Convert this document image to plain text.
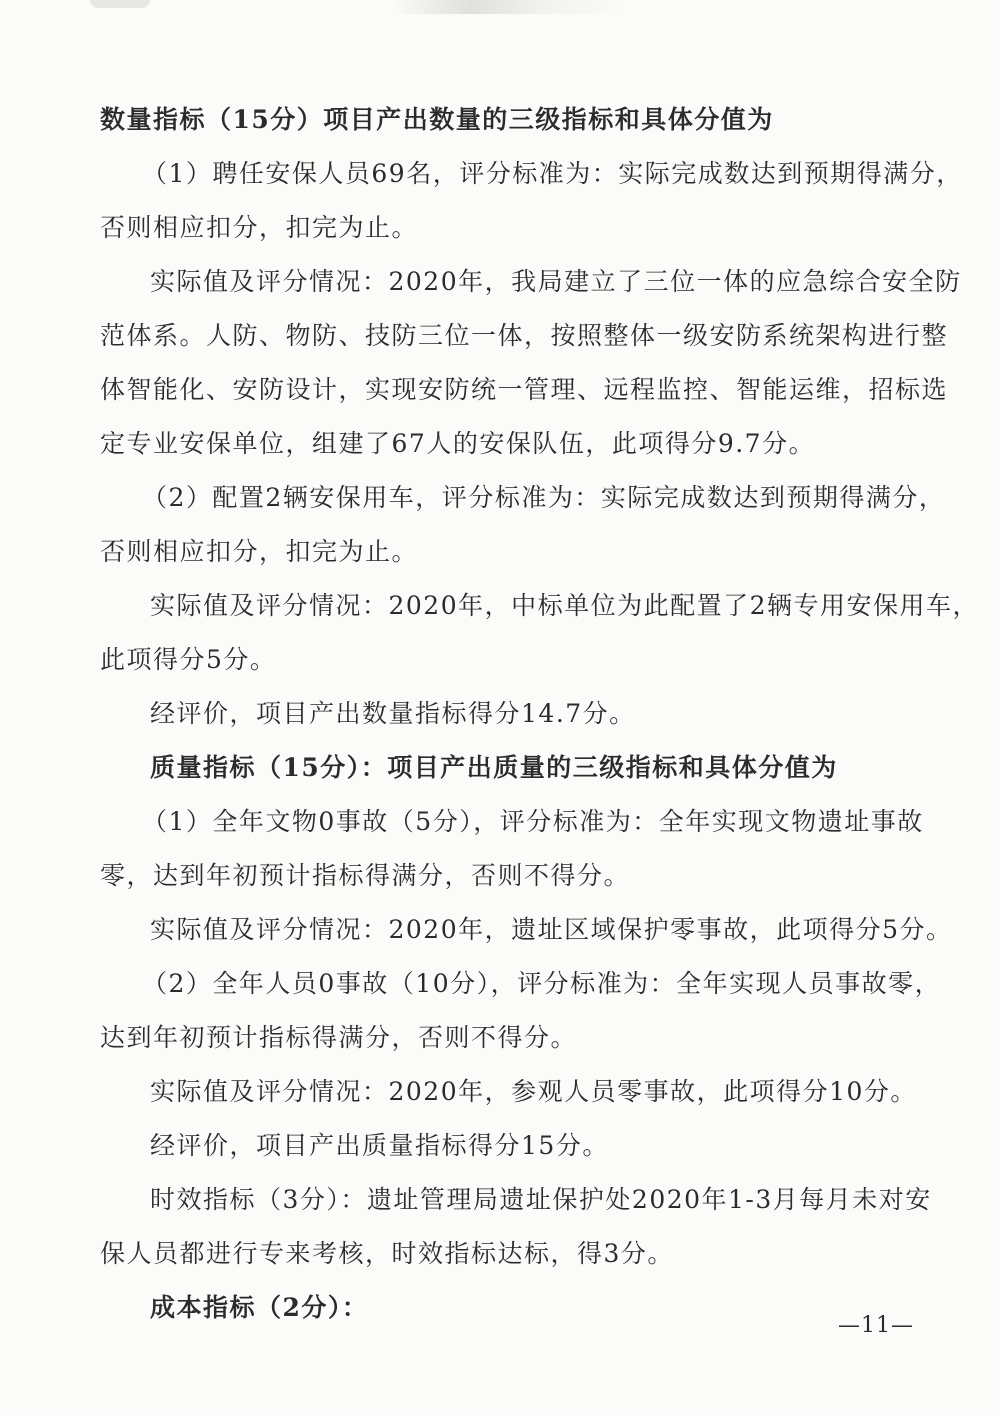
数量指标（15分）项目产出数量的三级指标和具体分值为
（1）聘任安保人员69名，评分标准为：实际完成数达到预期得满分，
否则相应扣分，扣完为止。
实际值及评分情况：2020年，我局建立了三位一体的应急综合安全防
范体系。人防、物防、技防三位一体，按照整体一级安防系统架构进行整
体智能化、安防设计，实现安防统一管理、远程监控、智能运维，招标选
定专业安保单位，组建了67人的安保队伍，此项得分9.7分。
（2）配置2辆安保用车，评分标准为：实际完成数达到预期得满分，
否则相应扣分，扣完为止。
实际值及评分情况：2020年，中标单位为此配置了2辆专用安保用车，
此项得分5分。
经评价，项目产出数量指标得分14.7分。
质量指标（15分）：项目产出质量的三级指标和具体分值为
（1）全年文物0事故（5分），评分标准为：全年实现文物遗址事故
零，达到年初预计指标得满分，否则不得分。
实际值及评分情况：2020年，遗址区域保护零事故，此项得分5分。
（2）全年人员0事故（10分），评分标准为：全年实现人员事故零，
达到年初预计指标得满分，否则不得分。
实际值及评分情况：2020年，参观人员零事故，此项得分10分。
经评价，项目产出质量指标得分15分。
时效指标（3分）：遗址管理局遗址保护处2020年1-3月每月未对安
保人员都进行专来考核，时效指标达标，得3分。
成本指标（2分）：
—11—
